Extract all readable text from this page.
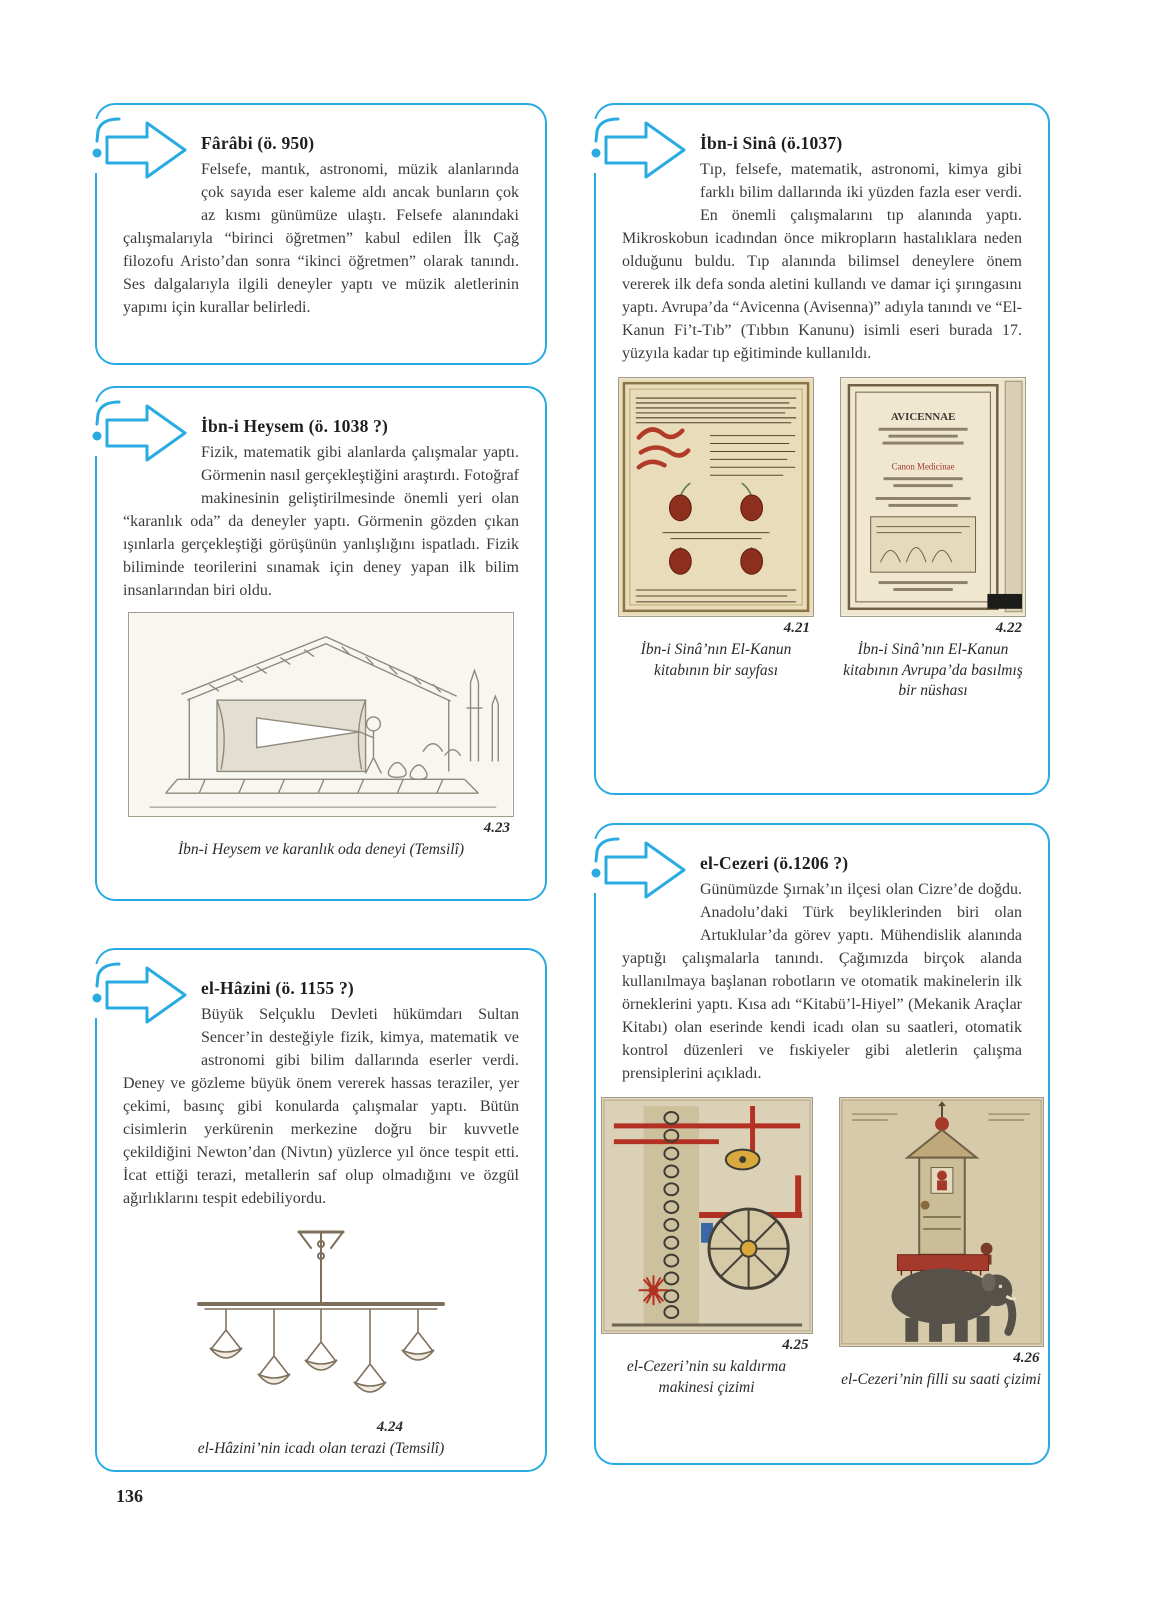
Fârâbi (ö. 950)
Felsefe, mantık, astronomi, müzik alanlarında çok sayıda eser kaleme aldı ancak bunların çok az kısmı günümüze ulaştı. Felsefe alanındaki çalışmalarıyla “birinci öğretmen” kabul edilen İlk Çağ filozofu Aristo’dan sonra “ikinci öğretmen” olarak tanındı. Ses dalgalarıyla ilgili deneyler yaptı ve müzik aletlerinin yapımı için kurallar belirledi.
İbn-i Heysem (ö. 1038 ?)
Fizik, matematik gibi alanlarda çalışmalar yaptı. Görmenin nasıl gerçekleştiğini araştırdı. Fotoğraf makinesinin geliştirilmesinde önemli yeri olan “karanlık oda” da deneyler yaptı. Görmenin gözden çıkan ışınlarla gerçekleştiği görüşünün yanlışlığını ispatladı. Fizik biliminde teorilerini sınamak için deney yapan ilk bilim insanlarından biri oldu.
4.23
İbn-i Heysem ve karanlık oda deneyi (Temsilî)
el-Hâzini (ö. 1155 ?)
Büyük Selçuklu Devleti hükümdarı Sultan Sencer’in desteğiyle fizik, kimya, matematik ve astronomi gibi bilim dallarında eserler verdi. Deney ve gözleme büyük önem vererek hassas teraziler, yer çekimi, basınç gibi konularda çalışmalar yaptı. Bütün cisimlerin yerkürenin merkezine doğru bir kuvvetle çekildiğini Newton’dan (Nivtın) yüzlerce yıl önce tespit etti. İcat ettiği terazi, metallerin saf olup olmadığını ve özgül ağırlıklarını tespit edebiliyordu.
4.24
el-Hâzini’nin icadı olan terazi (Temsilî)
İbn-i Sinâ (ö.1037)
Tıp, felsefe, matematik, astronomi, kimya gibi farklı bilim dallarında iki yüzden fazla eser verdi. En önemli çalışmalarını tıp alanında yaptı. Mikroskobun icadından önce mikropların hastalıklara neden olduğunu buldu. Tıp alanında bilimsel deneylere önem vererek ilk defa sonda aletini kullandı ve damar içi şırıngasını yaptı. Avrupa’da “Avicenna (Avisenna)” adıyla tanındı ve “El-Kanun Fi’t-Tıb” (Tıbbın Kanunu) isimli eseri burada 17. yüzyıla kadar tıp eğitiminde kullanıldı.
4.21
İbn-i Sinâ’nın El-Kanun kitabının bir sayfası
AVICENNAE
Canon Medicinae
4.22
İbn-i Sinâ’nın El-Kanun kitabının Avrupa’da basılmış bir nüshası
el-Cezeri (ö.1206 ?)
Günümüzde Şırnak’ın ilçesi olan Cizre’de doğdu. Anadolu’daki Türk beyliklerinden biri olan Artuklular’da görev yaptı. Mühendislik alanında yaptığı çalışmalarla tanındı. Çağımızda birçok alanda kullanılmaya başlanan robotların ve otomatik makinelerin ilk örneklerini yaptı. Kısa adı “Kitabü’l-Hiyel” (Mekanik Araçlar Kitabı) olan eserinde kendi icadı olan su saatleri, otomatik kontrol düzenleri ve fıskiyeler gibi aletlerin çalışma prensiplerini açıkladı.
4.25
el-Cezeri’nin su kaldırma makinesi çizimi
4.26
el-Cezeri’nin filli su saati çizimi
136
